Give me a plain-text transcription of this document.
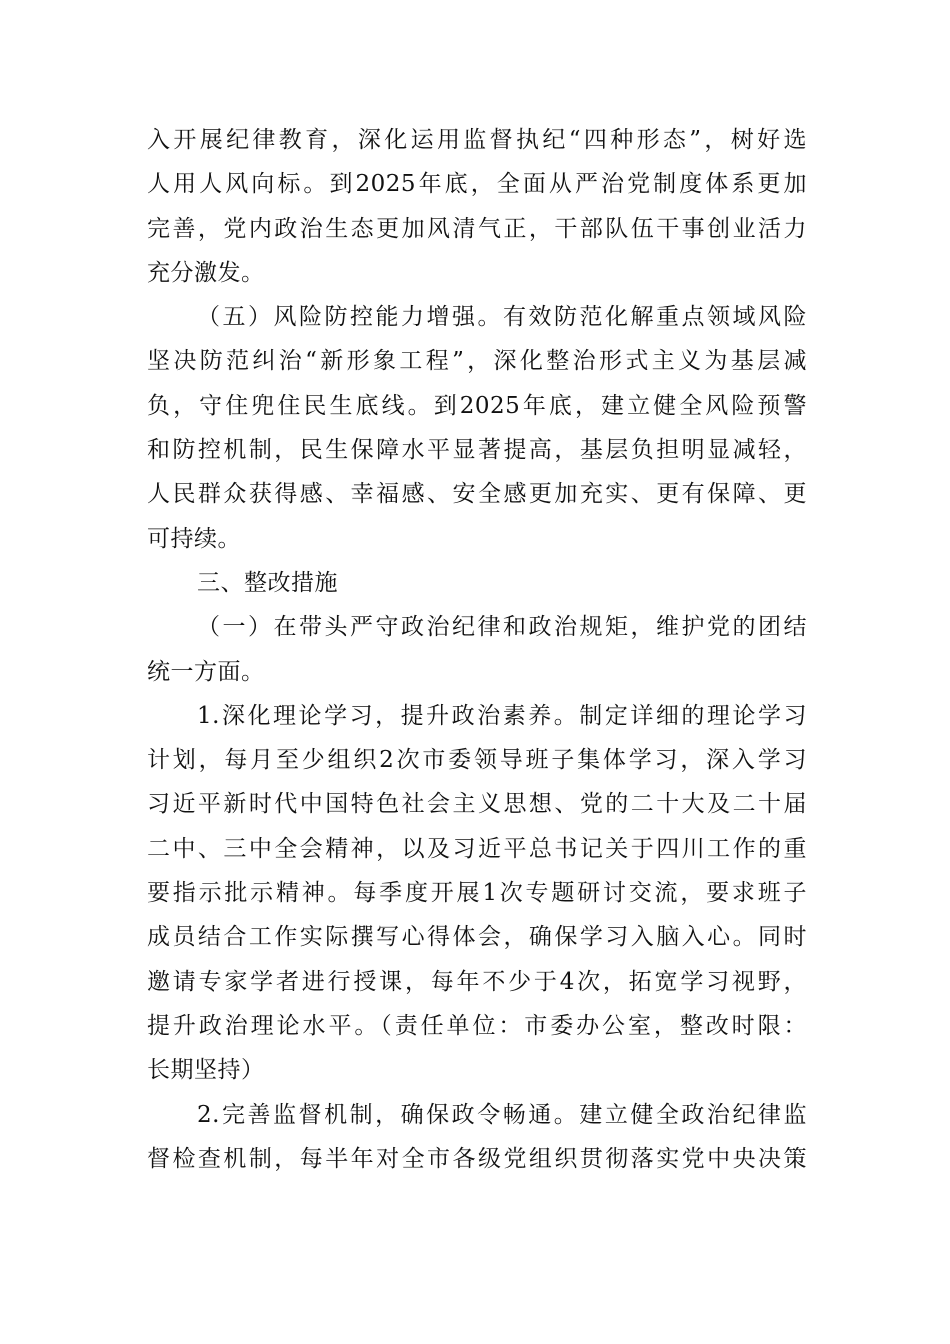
入开展纪律教育，深化运用监督执纪“四种形态”，树好选
人用人风向标。到2025年底，全面从严治党制度体系更加
完善，党内政治生态更加风清气正，干部队伍干事创业活力
充分激发。
（五）风险防控能力增强。有效防范化解重点领域风险
坚决防范纠治“新形象工程”，深化整治形式主义为基层减
负，守住兜住民生底线。到2025年底，建立健全风险预警
和防控机制，民生保障水平显著提高，基层负担明显减轻，
人民群众获得感、幸福感、安全感更加充实、更有保障、更
可持续。
三、整改措施
（一）在带头严守政治纪律和政治规矩，维护党的团结
统一方面。
1.深化理论学习，提升政治素养。制定详细的理论学习
计划，每月至少组织2次市委领导班子集体学习，深入学习
习近平新时代中国特色社会主义思想、党的二十大及二十届
二中、三中全会精神，以及习近平总书记关于四川工作的重
要指示批示精神。每季度开展1次专题研讨交流，要求班子
成员结合工作实际撰写心得体会，确保学习入脑入心。同时
邀请专家学者进行授课，每年不少于4次，拓宽学习视野，
提升政治理论水平。（责任单位：市委办公室，整改时限：
长期坚持）
2.完善监督机制，确保政令畅通。建立健全政治纪律监
督检查机制，每半年对全市各级党组织贯彻落实党中央决策
